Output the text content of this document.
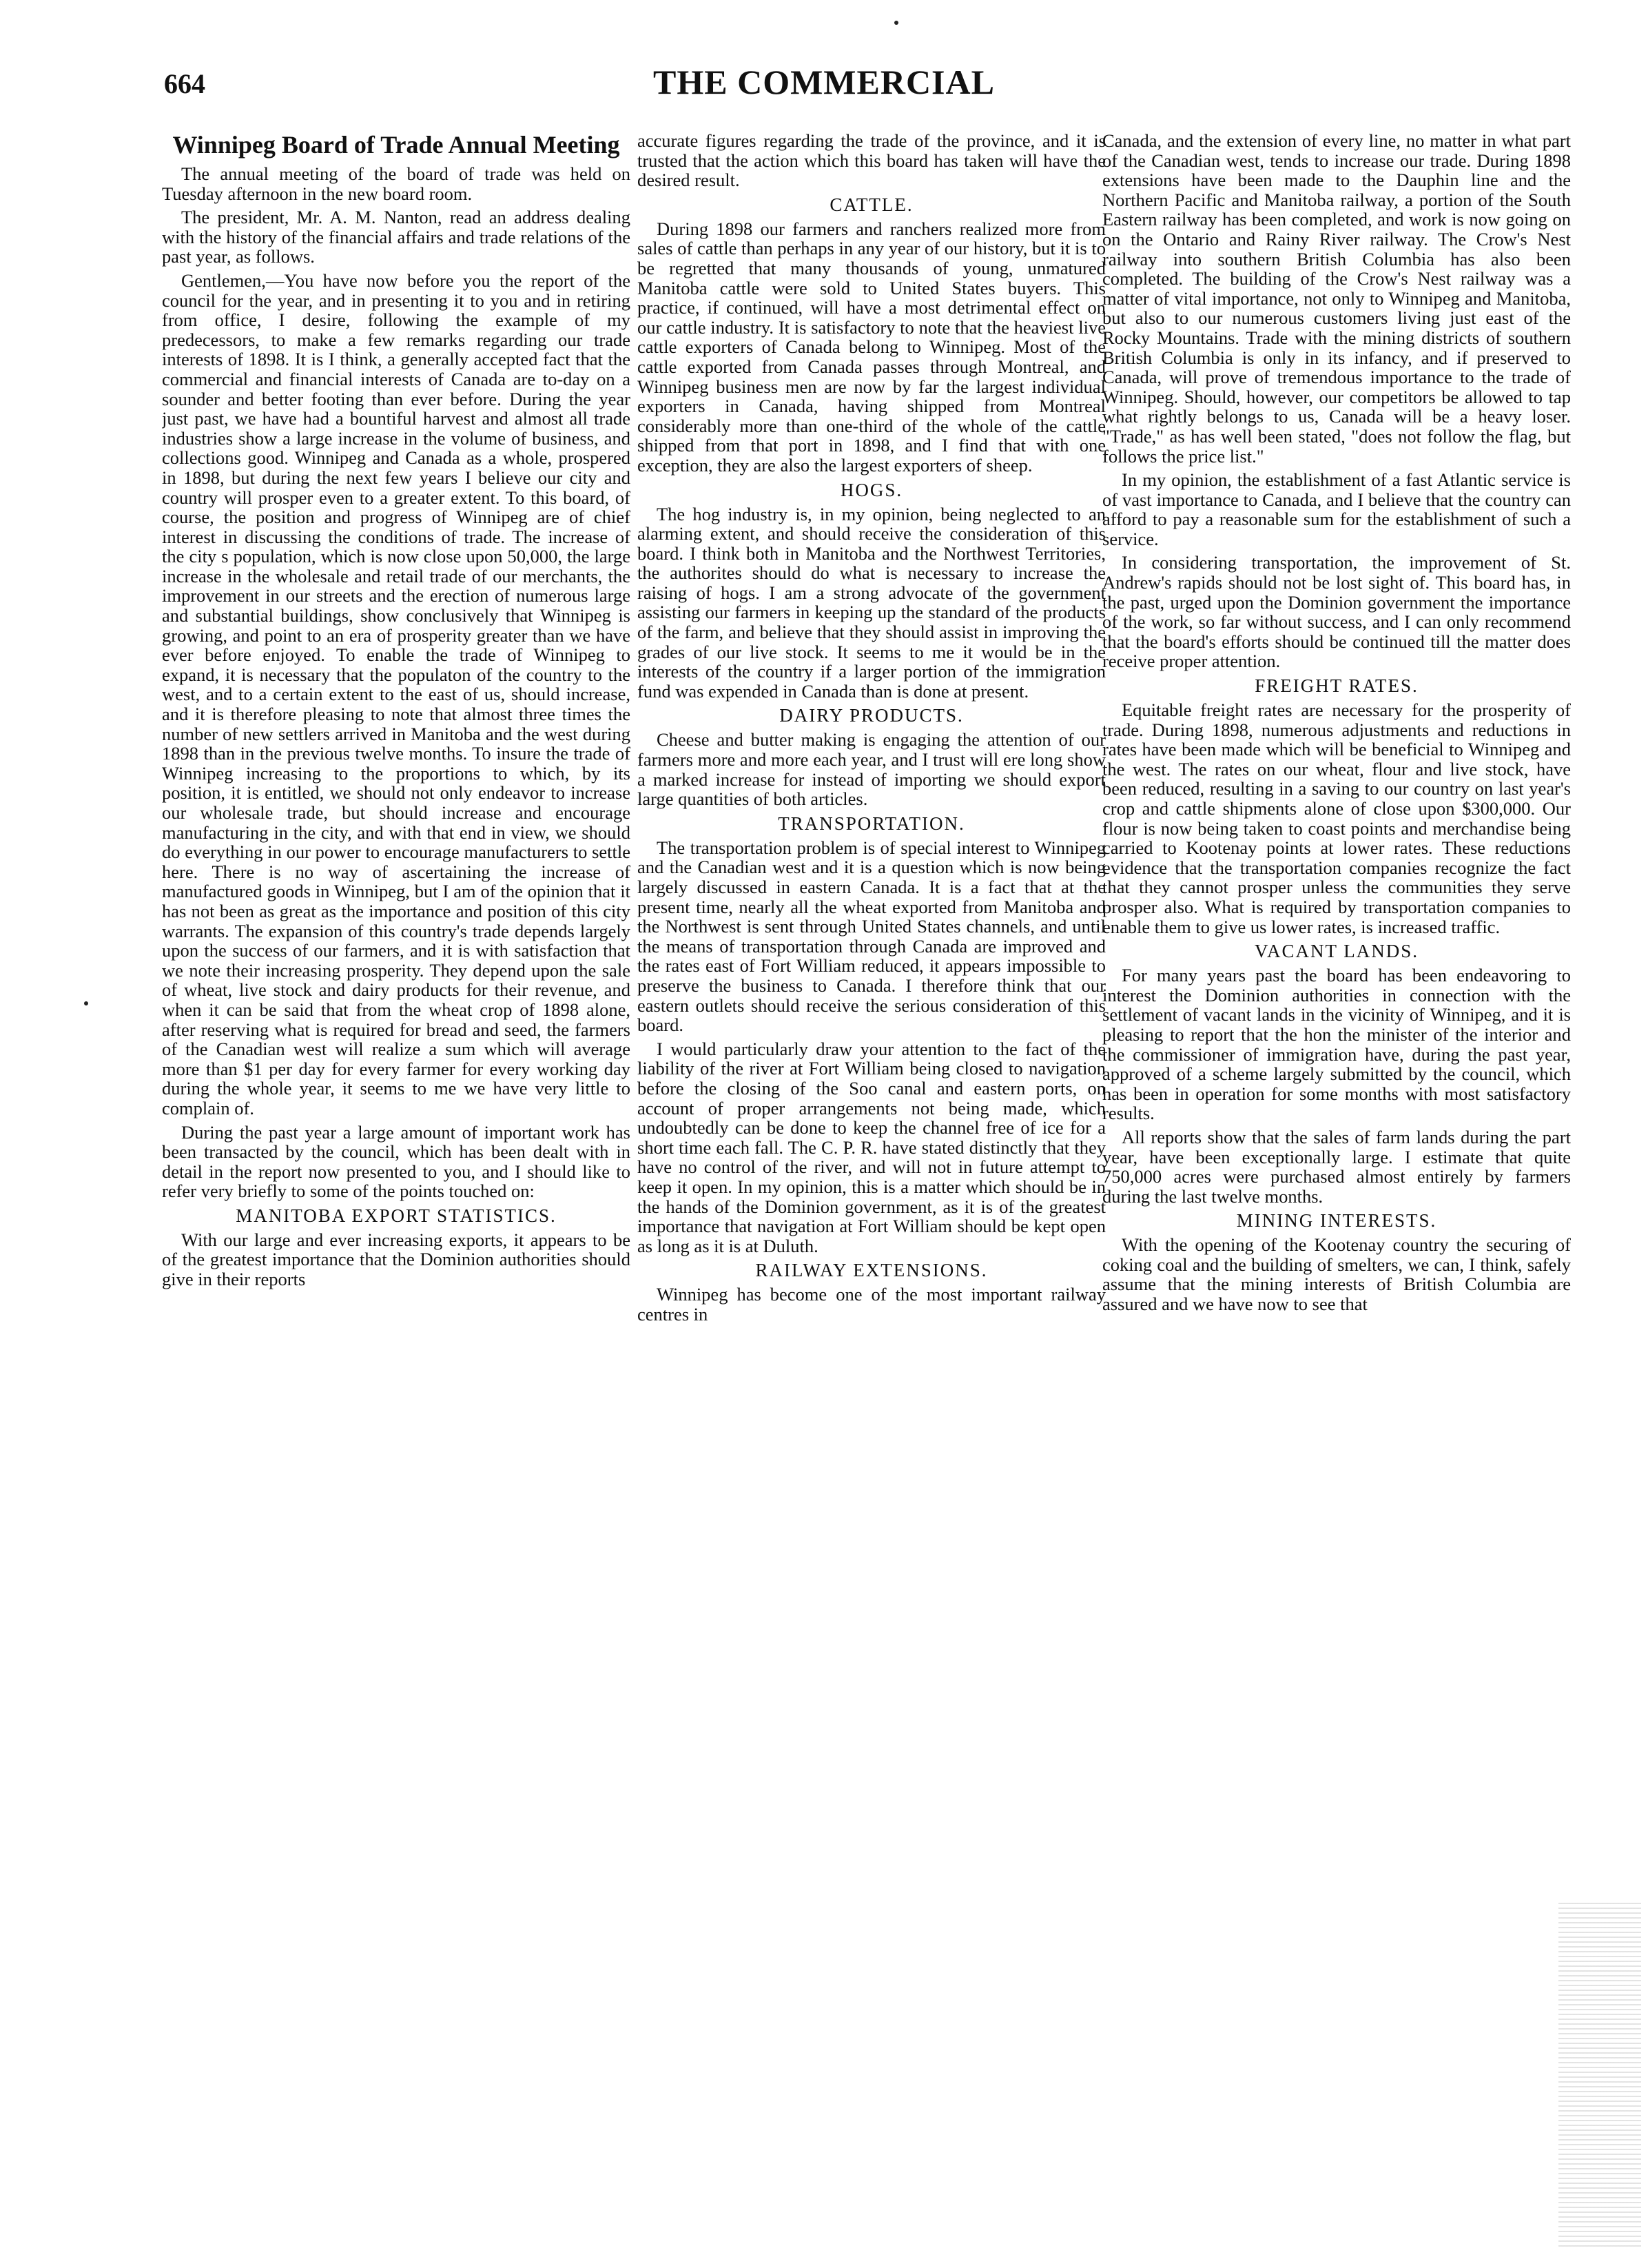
664	THE COMMERCIAL
Winnipeg Board of Trade Annual Meeting

The annual meeting of the board of trade was held on Tuesday afternoon in the new board room.

The president, Mr. A. M. Nanton, read an address dealing with the history of the financial affairs and trade relations of the past year, as follows.

Gentlemen,—You have now before you the report of the council for the year, and in presenting it to you and in retiring from office, I desire, following the example of my predecessors, to make a few remarks regarding our trade interests of 1898. It is I think, a generally accepted fact that the commercial and financial interests of Canada are to-day on a sounder and better footing than ever before. During the year just past, we have had a bountiful harvest and almost all trade industries show a large increase in the volume of business, and collections good. Winnipeg and Canada as a whole, prospered in 1898, but during the next few years I believe our city and country will prosper even to a greater extent. To this board, of course, the position and progress of Winnipeg are of chief interest in discussing the conditions of trade. The increase of the city s population, which is now close upon 50,000, the large increase in the wholesale and retail trade of our merchants, the improvement in our streets and the erection of numerous large and substantial buildings, show conclusively that Winnipeg is growing, and point to an era of prosperity greater than we have ever before enjoyed. To enable the trade of Winnipeg to expand, it is necessary that the populaton of the country to the west, and to a certain extent to the east of us, should increase, and it is therefore pleasing to note that almost three times the number of new settlers arrived in Manitoba and the west during 1898 than in the previous twelve months. To insure the trade of Winnipeg increasing to the proportions to which, by its position, it is entitled, we should not only endeavor to increase our wholesale trade, but should increase and encourage manufacturing in the city, and with that end in view, we should do everything in our power to encourage manufacturers to settle here. There is no way of ascertaining the increase of manufactured goods in Winnipeg, but I am of the opinion that it has not been as great as the importance and position of this city warrants. The expansion of this country's trade depends largely upon the success of our farmers, and it is with satisfaction that we note their increasing prosperity. They depend upon the sale of wheat, live stock and dairy products for their revenue, and when it can be said that from the wheat crop of 1898 alone, after reserving what is required for bread and seed, the farmers of the Canadian west will realize a sum which will average more than $1 per day for every farmer for every working day during the whole year, it seems to me we have very little to complain of.

During the past year a large amount of important work has been transacted by the council, which has been dealt with in detail in the report now presented to you, and I should like to refer very briefly to some of the points touched on:

MANITOBA EXPORT STATISTICS.

With our large and ever increasing exports, it appears to be of the greatest importance that the Dominion authorities should give in their reports

accurate figures regarding the trade of the province, and it is trusted that the action which this board has taken will have the desired result.

CATTLE.

During 1898 our farmers and ranchers realized more from sales of cattle than perhaps in any year of our history, but it is to be regretted that many thousands of young, unmatured Manitoba cattle were sold to United States buyers. This practice, if continued, will have a most detrimental effect on our cattle industry. It is satisfactory to note that the heaviest live cattle exporters of Canada belong to Winnipeg. Most of the cattle exported from Canada passes through Montreal, and Winnipeg business men are now by far the largest individual exporters in Canada, having shipped from Montreal considerably more than one-third of the whole of the cattle shipped from that port in 1898, and I find that with one exception, they are also the largest exporters of sheep.

HOGS.

The hog industry is, in my opinion, being neglected to an alarming extent, and should receive the consideration of this board. I think both in Manitoba and the Northwest Territories, the authorites should do what is necessary to increase the raising of hogs. I am a strong advocate of the government assisting our farmers in keeping up the standard of the products of the farm, and believe that they should assist in improving the grades of our live stock. It seems to me it would be in the interests of the country if a larger portion of the immigration fund was expended in Canada than is done at present.

DAIRY PRODUCTS.

Cheese and butter making is engaging the attention of our farmers more and more each year, and I trust will ere long show a marked increase for instead of importing we should export large quantities of both articles.

TRANSPORTATION.

The transportation problem is of special interest to Winnipeg and the Canadian west and it is a question which is now being largely discussed in eastern Canada. It is a fact that at the present time, nearly all the wheat exported from Manitoba and the Northwest is sent through United States channels, and until the means of transportation through Canada are improved and the rates east of Fort William reduced, it appears impossible to preserve the business to Canada. I therefore think that our eastern outlets should receive the serious consideration of this board.

I would particularly draw your attention to the fact of the liability of the river at Fort William being closed to navigation before the closing of the Soo canal and eastern ports, on account of proper arrangements not being made, which undoubtedly can be done to keep the channel free of ice for a short time each fall. The C. P. R. have stated distinctly that they have no control of the river, and will not in future attempt to keep it open. In my opinion, this is a matter which should be in the hands of the Dominion government, as it is of the greatest importance that navigation at Fort William should be kept open as long as it is at Duluth.

RAILWAY EXTENSIONS.

Winnipeg has become one of the most important railway centres in

Canada, and the extension of every line, no matter in what part of the Canadian west, tends to increase our trade. During 1898 extensions have been made to the Dauphin line and the Northern Pacific and Manitoba railway, a portion of the South Eastern railway has been completed, and work is now going on on the Ontario and Rainy River railway. The Crow's Nest railway into southern British Columbia has also been completed. The building of the Crow's Nest railway was a matter of vital importance, not only to Winnipeg and Manitoba, but also to our numerous customers living just east of the Rocky Mountains. Trade with the mining districts of southern British Columbia is only in its infancy, and if preserved to Canada, will prove of tremendous importance to the trade of Winnipeg. Should, however, our competitors be allowed to tap what rightly belongs to us, Canada will be a heavy loser. "Trade," as has well been stated, "does not follow the flag, but follows the price list."

In my opinion, the establishment of a fast Atlantic service is of vast importance to Canada, and I believe that the country can afford to pay a reasonable sum for the establishment of such a service.

In considering transportation, the improvement of St. Andrew's rapids should not be lost sight of. This board has, in the past, urged upon the Dominion government the importance of the work, so far without success, and I can only recommend that the board's efforts should be continued till the matter does receive proper attention.

FREIGHT RATES.

Equitable freight rates are necessary for the prosperity of trade. During 1898, numerous adjustments and reductions in rates have been made which will be beneficial to Winnipeg and the west. The rates on our wheat, flour and live stock, have been reduced, resulting in a saving to our country on last year's crop and cattle shipments alone of close upon $300,000. Our flour is now being taken to coast points and merchandise being carried to Kootenay points at lower rates. These reductions evidence that the transportation companies recognize the fact that they cannot prosper unless the communities they serve prosper also. What is required by transportation companies to enable them to give us lower rates, is increased traffic.

VACANT LANDS.

For many years past the board has been endeavoring to interest the Dominion authorities in connection with the settlement of vacant lands in the vicinity of Winnipeg, and it is pleasing to report that the hon the minister of the interior and the commissioner of immigration have, during the past year, approved of a scheme largely submitted by the council, which has been in operation for some months with most satisfactory results.

All reports show that the sales of farm lands during the part year, have been exceptionally large. I estimate that quite 750,000 acres were purchased almost entirely by farmers during the last twelve months.

MINING INTERESTS.

With the opening of the Kootenay country the securing of coking coal and the building of smelters, we can, I think, safely assume that the mining interests of British Columbia are assured and we have now to see that
